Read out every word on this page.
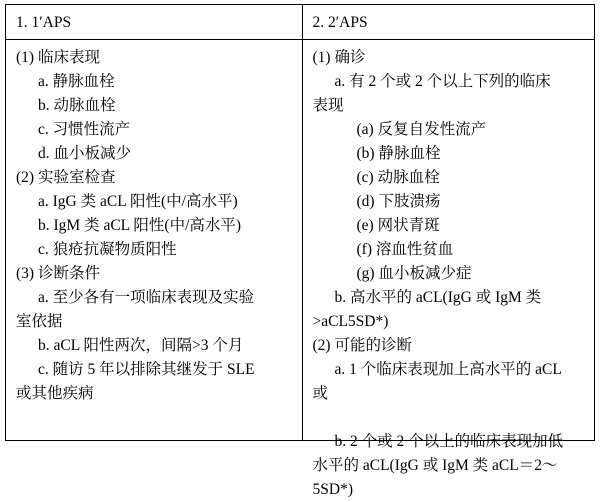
1. 1′APS
(1) 临床表现
a. 静脉血栓
b. 动脉血栓
c. 习惯性流产
d. 血小板减少
(2) 实验室检查
a. IgG 类 aCL 阳性(中/高水平)
b. IgM 类 aCL 阳性(中/高水平)
c. 狼疮抗凝物质阳性
(3) 诊断条件
a. 至少各有一项临床表现及实验
室依据
b. aCL 阳性两次，间隔>3 个月
c. 随访 5 年以排除其继发于 SLE
或其他疾病
2. 2′APS
(1) 确诊
a. 有 2 个或 2 个以上下列的临床
表现
(a) 反复自发性流产
(b) 静脉血栓
(c) 动脉血栓
(d) 下肢溃疡
(e) 网状青斑
(f) 溶血性贫血
(g) 血小板减少症
b. 高水平的 aCL(IgG 或 IgM 类
>aCL5SD*)
(2) 可能的诊断
a. 1 个临床表现加上高水平的 aCL
或

b. 2 个或 2 个以上的临床表现加低
水平的 aCL(IgG 或 IgM 类 aCL＝2～
5SD*)
